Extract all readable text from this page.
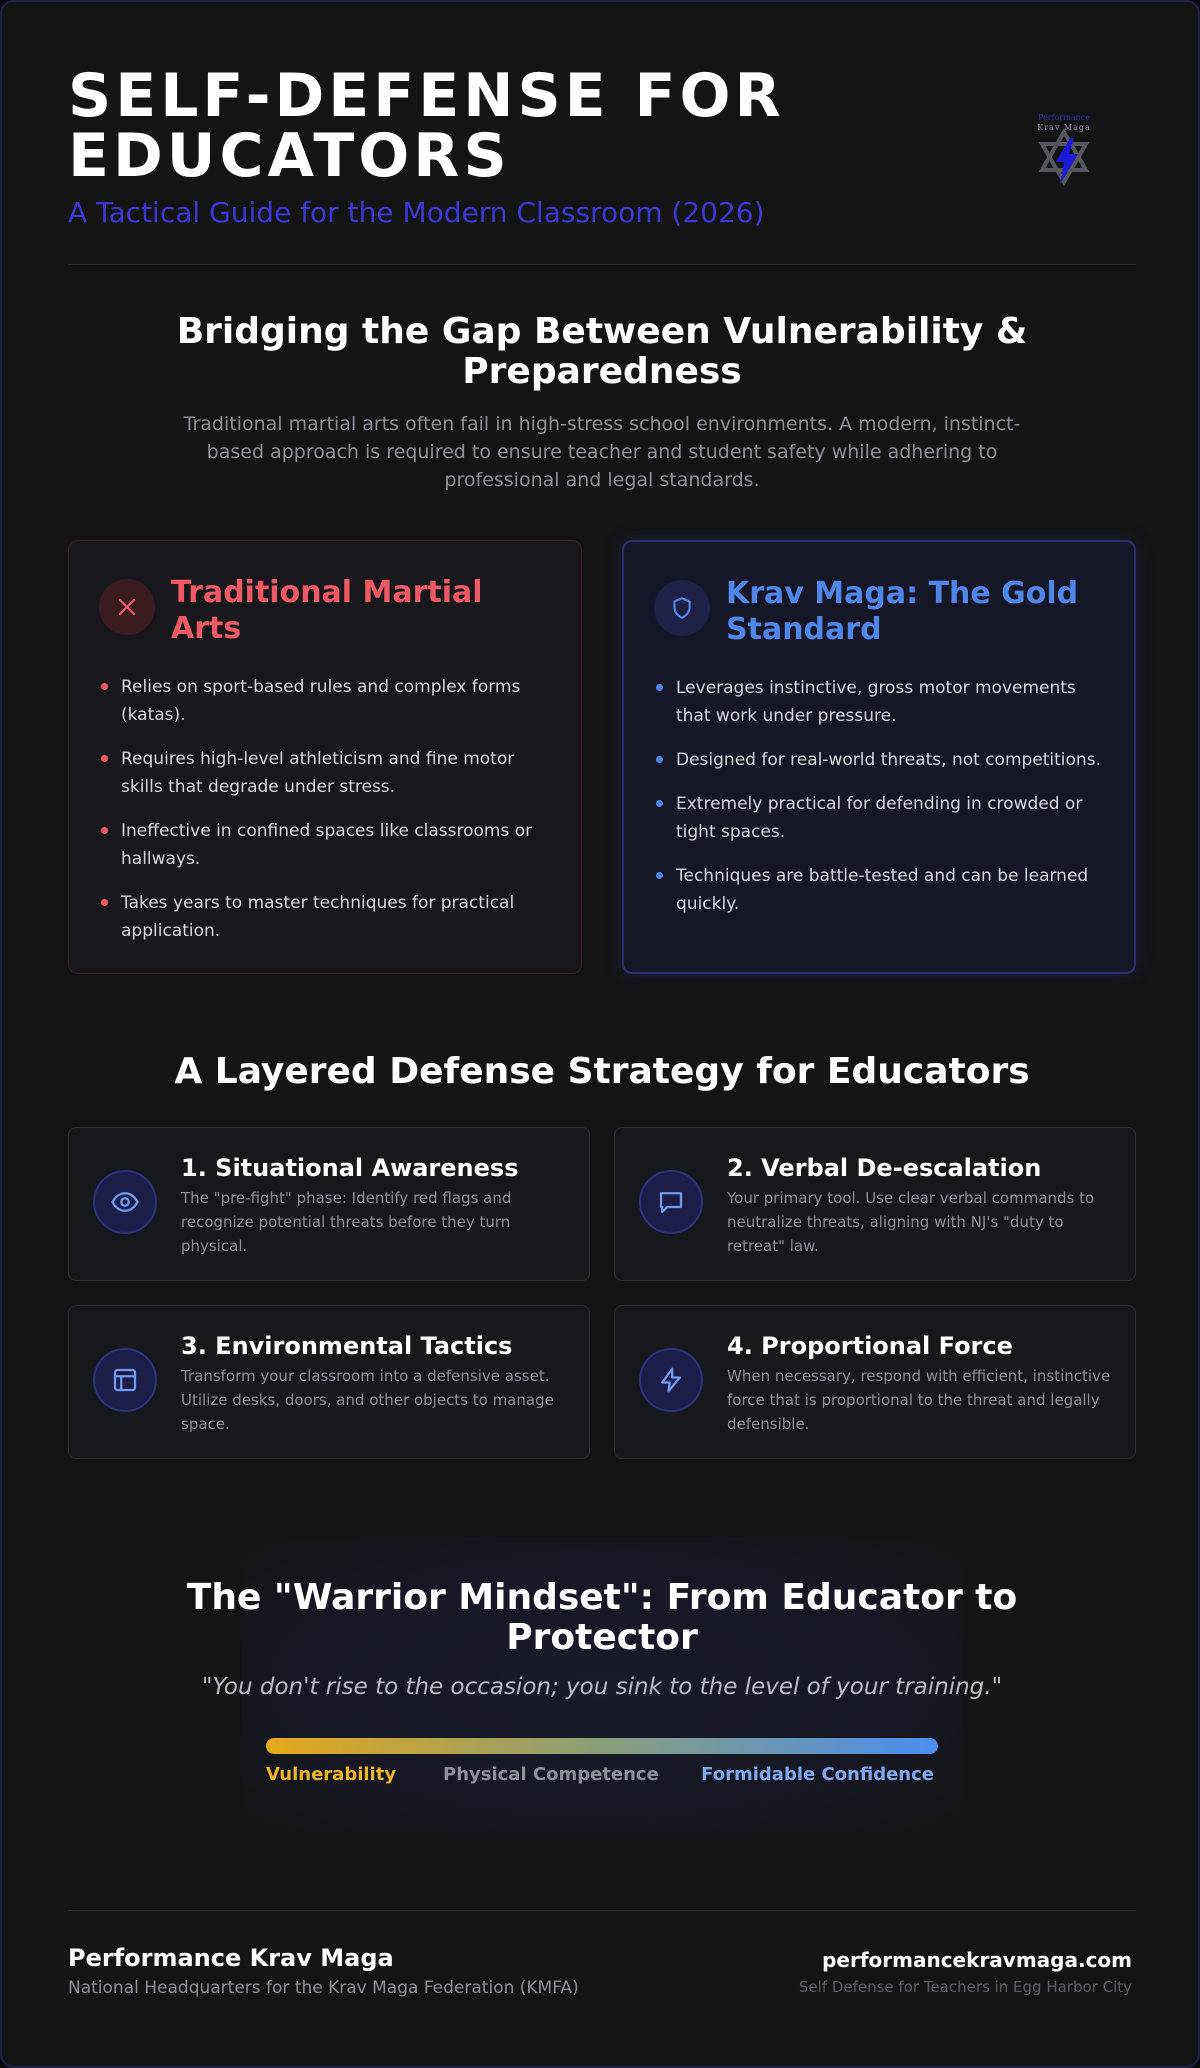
SELF-DEFENSE FOR EDUCATORS
A Tactical Guide for the Modern Classroom (2026)
Performance
Krav Maga
Bridging the Gap Between Vulnerability & Preparedness
Traditional martial arts often fail in high-stress school environments. A modern, instinct-based approach is required to ensure teacher and student safety while adhering to professional and legal standards.
Traditional Martial Arts
Relies on sport-based rules and complex forms (katas).
Requires high-level athleticism and fine motor skills that degrade under stress.
Ineffective in confined spaces like classrooms or hallways.
Takes years to master techniques for practical application.
Krav Maga: The Gold Standard
Leverages instinctive, gross motor movements that work under pressure.
Designed for real-world threats, not competitions.
Extremely practical for defending in crowded or tight spaces.
Techniques are battle-tested and can be learned quickly.
A Layered Defense Strategy for Educators
1. Situational Awareness
The "pre-fight" phase: Identify red flags and recognize potential threats before they turn physical.
2. Verbal De-escalation
Your primary tool. Use clear verbal commands to neutralize threats, aligning with NJ's "duty to retreat" law.
3. Environmental Tactics
Transform your classroom into a defensive asset. Utilize desks, doors, and other objects to manage space.
4. Proportional Force
When necessary, respond with efficient, instinctive force that is proportional to the threat and legally defensible.
The "Warrior Mindset": From Educator to Protector
"You don't rise to the occasion; you sink to the level of your training."
Vulnerability	Physical Competence Formidable Confidence
Performance Krav Maga
National Headquarters for the Krav Maga Federation (KMFA)
performancekravmaga.com
Self Defense for Teachers in Egg Harbor City
